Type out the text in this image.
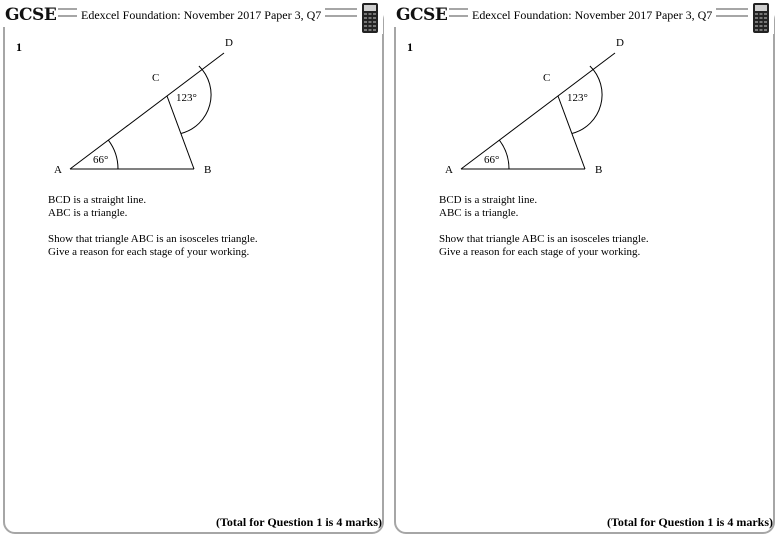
GCSE	Edexcel Foundation: November 2017 Paper 3, Q7
1
A	B
C
D
66°
123°
BCD is a straight line.
ABC is a triangle.
Show that triangle ABC is an isosceles triangle.
Give a reason for each stage of your working.
(Total for Question 1 is 4 marks)
GCSE	Edexcel Foundation: November 2017 Paper 3, Q7
1
A	B
C
D
66°
123°
BCD is a straight line.
ABC is a triangle.
Show that triangle ABC is an isosceles triangle.
Give a reason for each stage of your working.
(Total for Question 1 is 4 marks)
